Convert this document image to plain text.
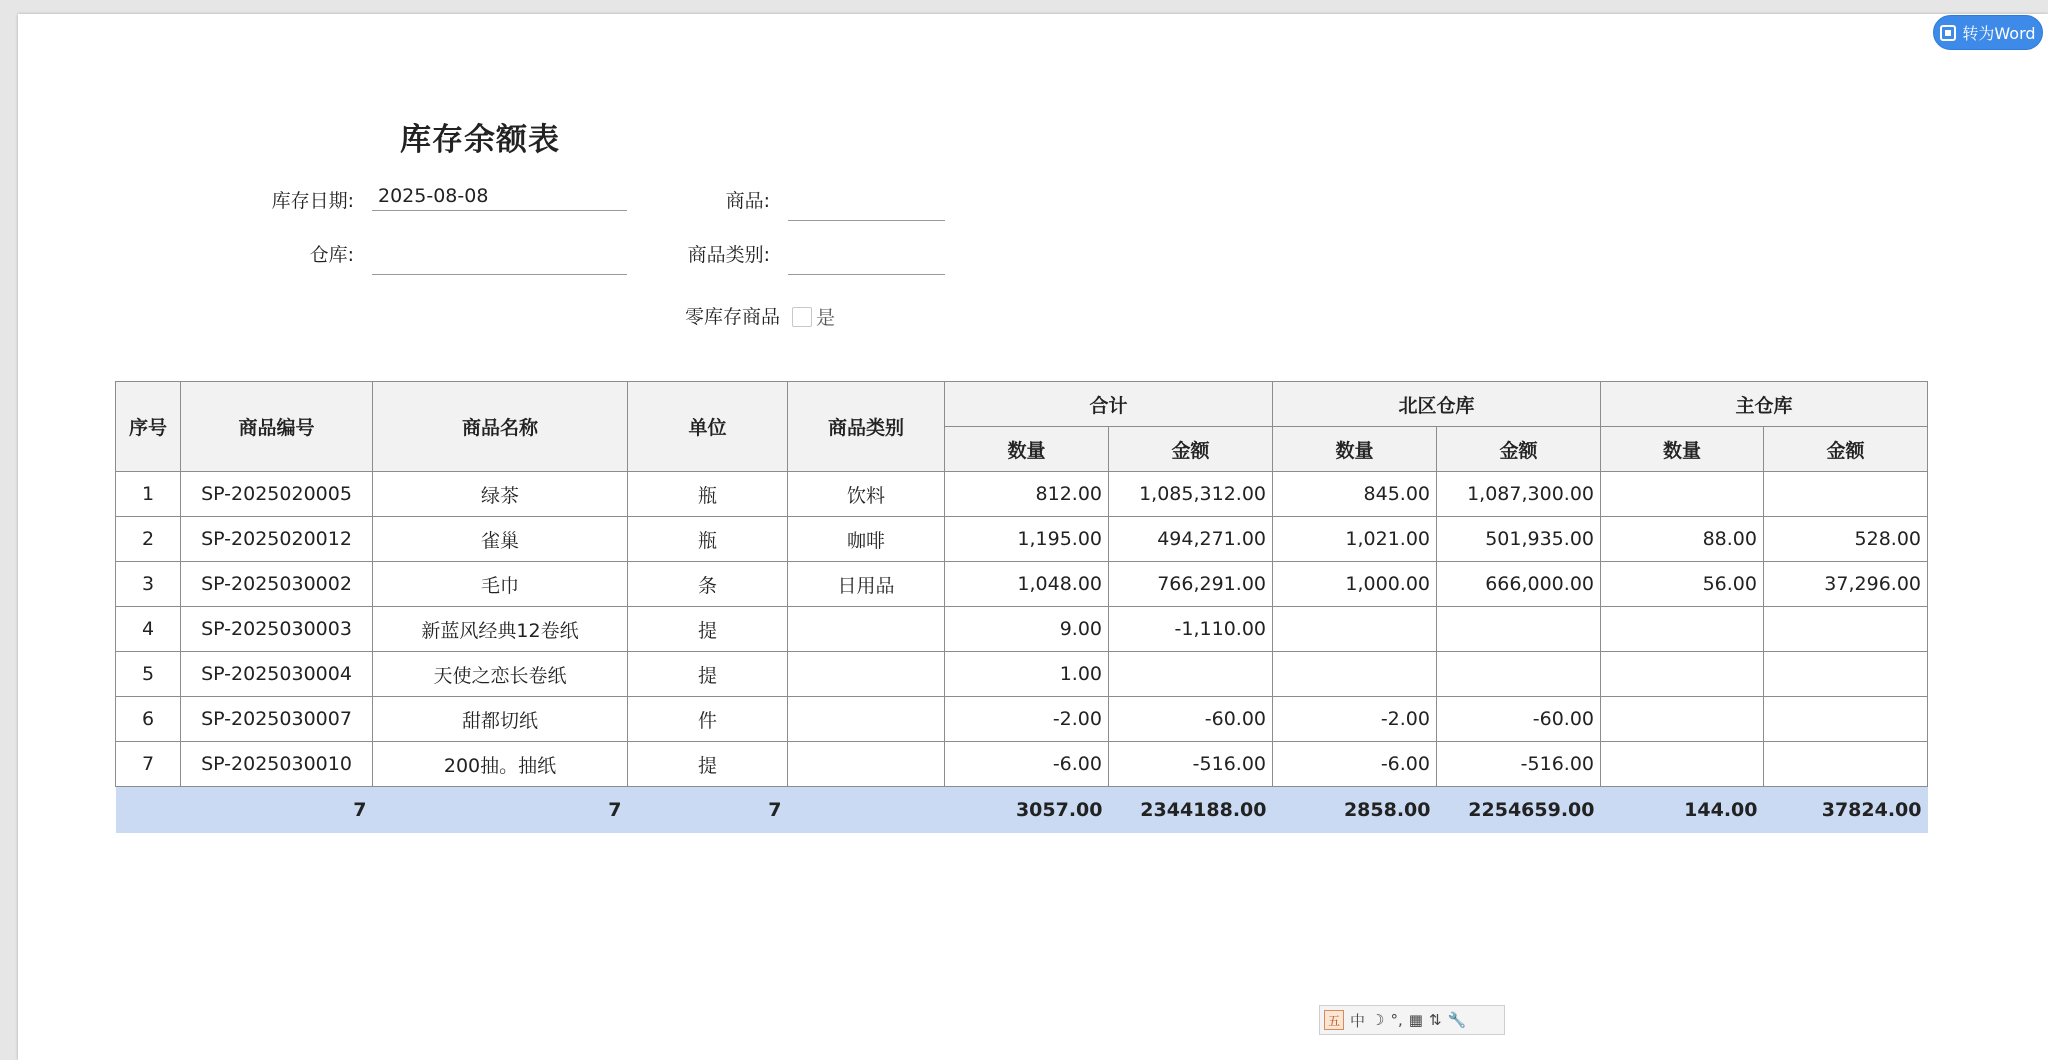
转为Word
库存余额表
库存日期:
2025-08-08	商品:
仓库:	商品类别:
零库存商品 是
序号	商品编号	商品名称	单位	商品类别	合计		北区仓库		主仓库	
					数量	金额	数量	金额	数量	金额
1	SP-2025020005	绿茶	瓶	饮料	812.00	1,085,312.00	845.00	1,087,300.00		
2	SP-2025020012	雀巢	瓶	咖啡	1,195.00	494,271.00	1,021.00	501,935.00	88.00	528.00
3	SP-2025030002	毛巾	条	日用品	1,048.00	766,291.00	1,000.00	666,000.00	56.00	37,296.00
4	SP-2025030003	新蓝风经典12卷纸	提		9.00	-1,110.00				
5	SP-2025030004	天使之恋长卷纸	提		1.00					
6	SP-2025030007	甜都切纸	件		-2.00	-60.00	-2.00	-60.00		
7	SP-2025030010	200抽。抽纸	提		-6.00	-516.00	-6.00	-516.00		
	7	7	7		3057.00	2344188.00	2858.00	2254659.00	144.00	37824.00
五 中 ☽ °, ▦ ⇅ 🔧
